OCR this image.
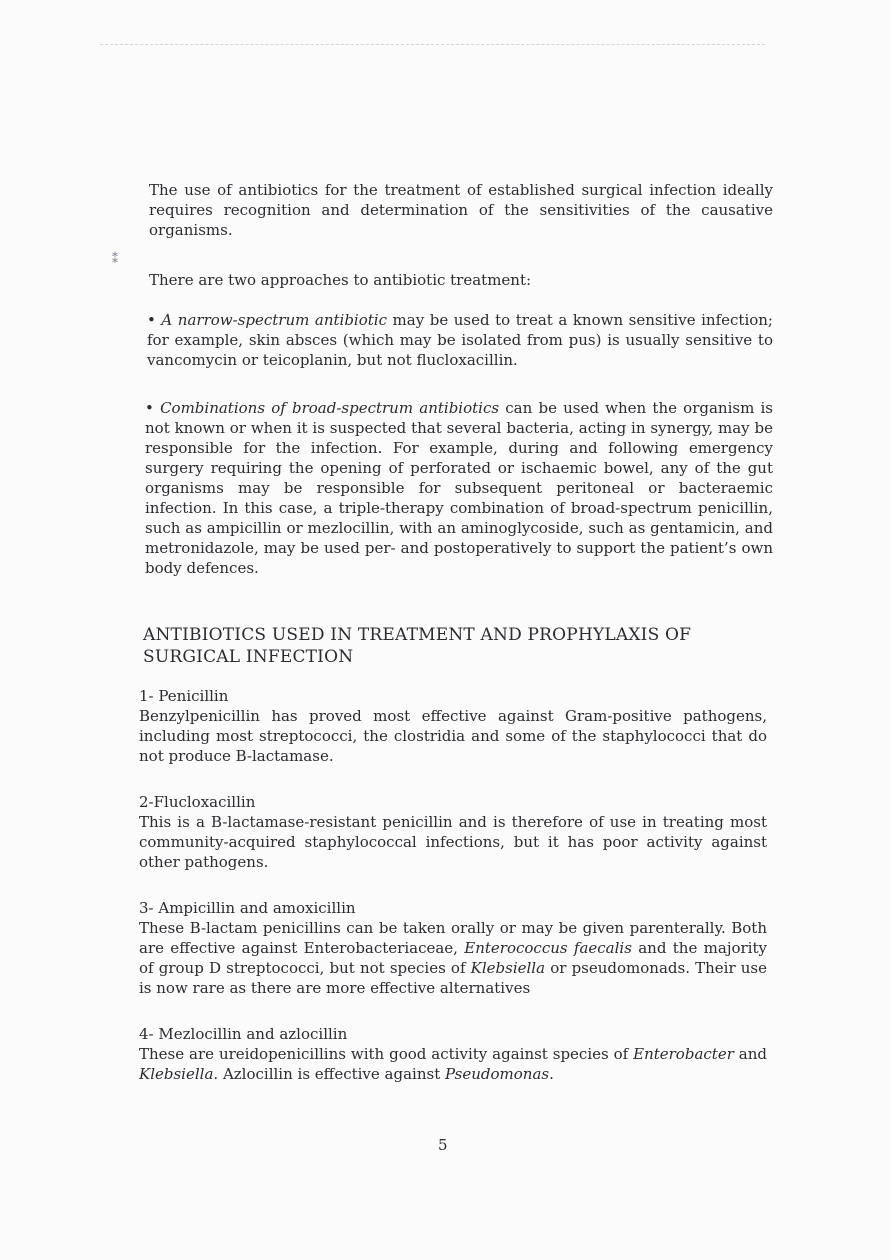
⁑

The use of antibiotics for the treatment of established surgical infection ideally requires recognition and determination of the sensitivities of the causative organisms.

There are two approaches to antibiotic treatment:

• A narrow-spectrum antibiotic may be used to treat a known sensitive infection; for example, skin absces (which may be isolated from pus) is usually sensitive to vancomycin or teicoplanin, but not flucloxacillin.

• Combinations of broad-spectrum antibiotics can be used when the organism is not known or when it is suspected that several bacteria, acting in synergy, may be responsible for the infection. For example, during and following emergency surgery requiring the opening of perforated or ischaemic bowel, any of the gut organisms may be responsible for subsequent peritoneal or bacteraemic infection. In this case, a triple-therapy combination of broad-spectrum penicillin, such as ampicillin or mezlocillin, with an aminoglycoside, such as gentamicin, and metronidazole, may be used per- and postoperatively to support the patient’s own body defences.

ANTIBIOTICS USED IN TREATMENT AND PROPHYLAXIS OF
SURGICAL INFECTION
1- Penicillin

Benzylpenicillin has proved most effective against Gram-positive pathogens, including most streptococci, the clostridia and some of the staphylococci that do not produce B-lactamase.

2-Flucloxacillin

This is a B-lactamase-resistant penicillin and is therefore of use in treating most community-acquired staphylococcal infections, but it has poor activity against other pathogens.

3- Ampicillin and amoxicillin

These B-lactam penicillins can be taken orally or may be given parenterally. Both are effective against Enterobacteriaceae, Enterococcus faecalis and the majority of group D streptococci, but not species of Klebsiella or pseudomonads. Their use is now rare as there are more effective alternatives

4- Mezlocillin and azlocillin

These are ureidopenicillins with good activity against species of Enterobacter and Klebsiella. Azlocillin is effective against Pseudomonas.

5
